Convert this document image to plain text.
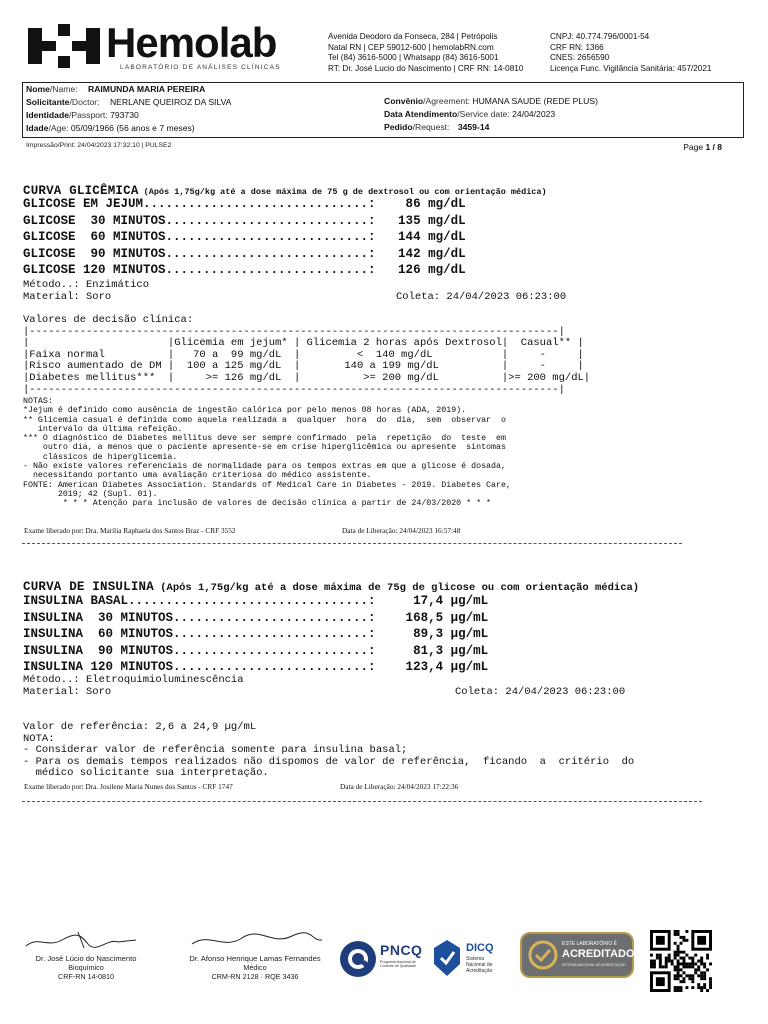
Hemolab
LABORATÓRIO DE ANÁLISES CLÍNICAS
Avenida Deodoro da Fonseca, 284 | Petrópolis
Natal RN | CEP 59012-600 | hemolabRN.com
Tel (84) 3616-5000 | Whatsapp (84) 3616-5001
RT: Dr. José Lucio do Nascimento | CRF RN: 14-0810
CNPJ: 40.774.796/0001-54
CRF RN: 1366
CNES: 2656590
Licença Func. Vigilância Sanitária: 457/2021
Nome/Name: RAIMUNDA MARIA PEREIRA
Solicitante/Doctor: NERLANE QUEIROZ DA SILVA
Identidade/Passport: 793730
Idade/Age: 05/09/1966 (56 anos e 7 meses)
Convênio/Agreement: HUMANA SAUDE (REDE PLUS)
Data Atendimento/Service date: 24/04/2023
Pedido/Request: 3459-14
Impressão/Print: 24/04/2023 17:32:10 | PULSE2	Page 1 / 8
CURVA GLICÊMICA (Após 1,75g/kg até a dose máxima de 75 g de dextrosol ou com orientação médica)
GLICOSE EM JEJUM..............................:    86 mg/dL
GLICOSE  30 MINUTOS...........................:   135 mg/dL
GLICOSE  60 MINUTOS...........................:   144 mg/dL
GLICOSE  90 MINUTOS...........................:   142 mg/dL
GLICOSE 120 MINUTOS...........................:   126 mg/dL
Método..: Enzimático
Material: Soro	Coleta: 24/04/2023 06:23:00
Valores de decisão clínica:
|------------------------------------------------------------------------------------|
|                      |Glicemia em jejum* | Glicemia 2 horas após Dextrosol|  Casual** |
|Faixa normal          |   70 a  99 mg/dL  |         <  140 mg/dL           |     -     |
|Risco aumentado de DM |  100 a 125 mg/dL  |       140 a 199 mg/dL          |     -     |
|Diabetes mellitus***  |     >= 126 mg/dL  |          >= 200 mg/dL          |>= 200 mg/dL|
|------------------------------------------------------------------------------------|
NOTAS:
*Jejum é definido como ausência de ingestão calórica por pelo menos 08 horas (ADA, 2019).
** Glicemia casual é definida como aquela realizada a  qualquer  hora  do  dia,  sem  observar  o
intervalo da última refeição.
*** O diagnóstico de Diabetes mellitus deve ser sempre confirmado  pela  repetição  do  teste  em
outro dia, a menos que o paciente apresente-se em crise hiperglicêmica ou apresente  sintomas
clássicos de hiperglicemia.
- Não existe valores referenciais de normalidade para os tempos extras em que a glicose é dosada,
necessitando portanto uma avaliação criteriosa do médico assistente.
FONTE: American Diabetes Association. Standards of Medical Care in Diabetes - 2019. Diabetes Care,
2019; 42 (Supl. 01).
* * * Atenção para inclusão de valores de decisão clínica a partir de 24/03/2020 * * *
Exame liberado por: Dra. Marília Raphaela dos Santos Braz - CRF 3552	Data de Liberação: 24/04/2023 16:57:48
CURVA DE INSULINA (Após 1,75g/kg até a dose máxima de 75g de glicose ou com orientação médica)
INSULINA BASAL................................:     17,4 µg/mL
INSULINA  30 MINUTOS..........................:    168,5 µg/mL
INSULINA  60 MINUTOS..........................:     89,3 µg/mL
INSULINA  90 MINUTOS..........................:     81,3 µg/mL
INSULINA 120 MINUTOS..........................:    123,4 µg/mL
Método..: Eletroquimioluminescência
Material: Soro	Coleta: 24/04/2023 06:23:00
Valor de referência: 2,6 a 24,9 µg/mL
NOTA:
- Considerar valor de referência somente para insulina basal;
- Para os demais tempos realizados não dispomos de valor de referência,  ficando  a  critério  do
médico solicitante sua interpretação.
Exame liberado por: Dra. Josilene Maria Nunes dos Santos - CRF 1747	Data de Liberação: 24/04/2023 17:22:36
Dr. José Lúcio do Nascimento
Bioquímico
CRF-RN 14-0810
Dr. Afonso Henrique Lamas Fernandes
Médico
CRM-RN 2128 · RQE 3436
PNCQ
Programa Nacional de Controle de Qualidade
DICQ
Sistema
Nacional de
Acreditação
ESTE LABORATÓRIO É
ACREDITADO
SISTEMA NACIONAL DE ACREDITAÇÃO
